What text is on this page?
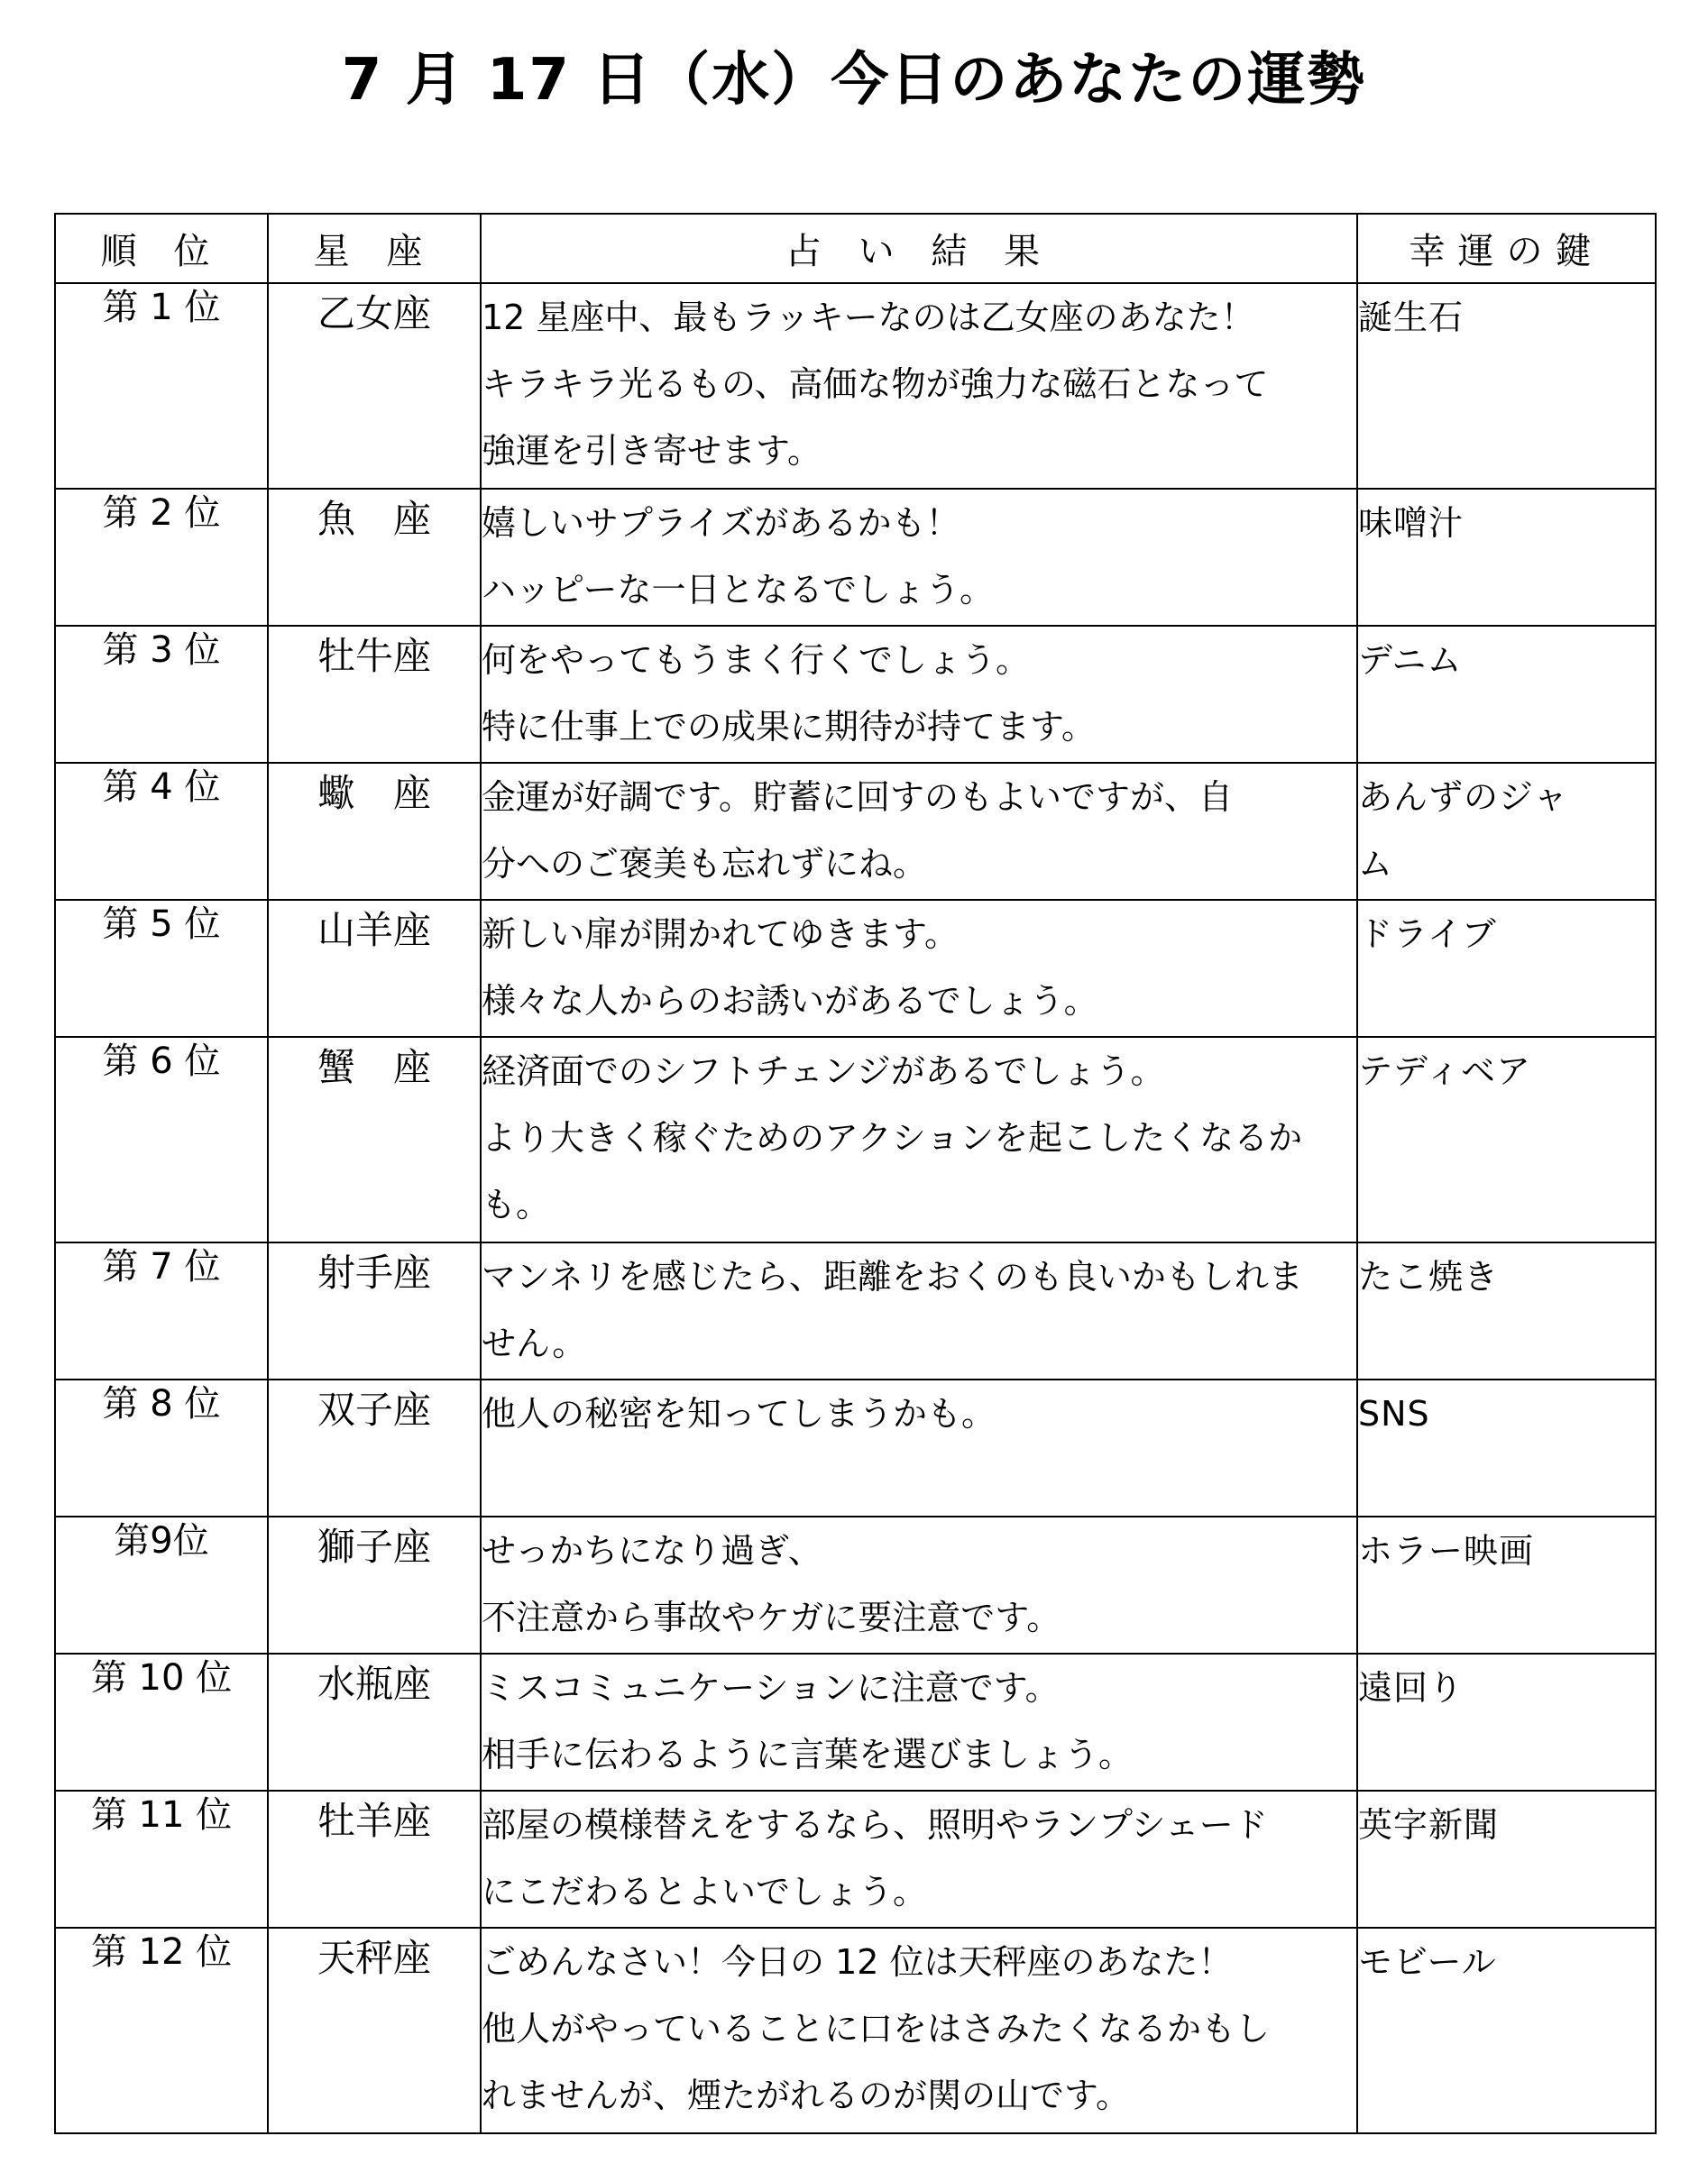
7 月 17 日（水）今日のあなたの運勢
順 位	星 座	占 い 結 果	幸運の鍵
第 1 位	乙女座	12 星座中、最もラッキーなのは乙女座のあなた！
キラキラ光るもの、高価な物が強力な磁石となって
強運を引き寄せます。	誕生石
第 2 位	魚　座	嬉しいサプライズがあるかも！
ハッピーな一日となるでしょう。	味噌汁
第 3 位	牡牛座	何をやってもうまく行くでしょう。
特に仕事上での成果に期待が持てます。	デニム
第 4 位	蠍　座	金運が好調です。貯蓄に回すのもよいですが、自
分へのご褒美も忘れずにね。	あんずのジャ
ム
第 5 位	山羊座	新しい扉が開かれてゆきます。
様々な人からのお誘いがあるでしょう。	ドライブ
第 6 位	蟹　座	経済面でのシフトチェンジがあるでしょう。
より大きく稼ぐためのアクションを起こしたくなるか
も。	テディベア
第 7 位	射手座	マンネリを感じたら、距離をおくのも良いかもしれま
せん。	たこ焼き
第 8 位	双子座	他人の秘密を知ってしまうかも。	SNS
第9位	獅子座	せっかちになり過ぎ、
不注意から事故やケガに要注意です。	ホラー映画
第 10 位	水瓶座	ミスコミュニケーションに注意です。
相手に伝わるように言葉を選びましょう。	遠回り
第 11 位	牡羊座	部屋の模様替えをするなら、照明やランプシェード
にこだわるとよいでしょう。	英字新聞
第 12 位	天秤座	ごめんなさい！今日の 12 位は天秤座のあなた！
他人がやっていることに口をはさみたくなるかもし
れませんが、煙たがれるのが関の山です。	モビール
